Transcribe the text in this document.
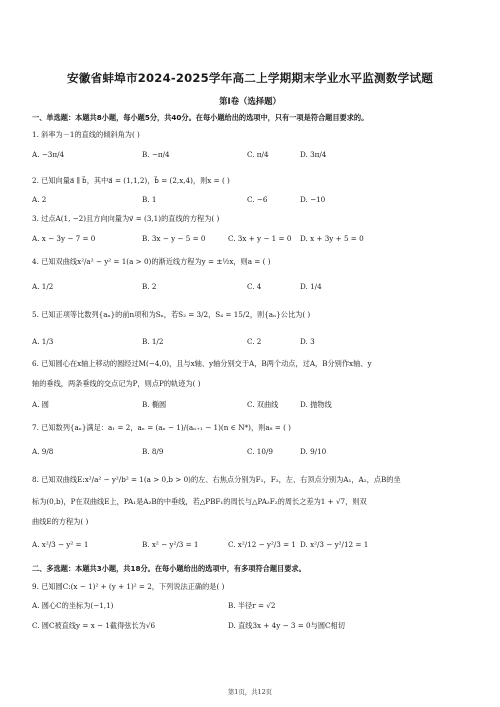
安徽省蚌埠市2024-2025学年高二上学期期末学业水平监测数学试题
第I卷（选择题）
一、单选题：本题共8小题，每小题5分，共40分。在每小题给出的选项中，只有一项是符合题目要求的。
1. 斜率为－1的直线的倾斜角为( )
A. −3π/4	B. −π/4	C. π/4	D. 3π/4
2. 已知向量a⃗ ∥ b⃗，其中a⃗ = (1,1,2)，b⃗ = (2,x,4)，则x = ( )
A. 2	B. 1	C. −6	D. −10
3. 过点A(1, −2)且方向向量为v⃗ = (3,1)的直线的方程为( )
A. x − 3y − 7 = 0	B. 3x − y − 5 = 0	C. 3x + y − 1 = 0 D. x + 3y + 5 = 0
4. 已知双曲线x²/a² − y² = 1(a > 0)的渐近线方程为y = ±½x，则a = ( )
A. 1/2	B. 2	C. 4	D. 1/4
5. 已知正项等比数列{aₙ}的前n项和为Sₙ，若S₂ = 3/2，S₄ = 15/2，则{aₙ}公比为( )
A. 1/3	B. 1/2	C. 2	D. 3
6. 已知圆心在x轴上移动的圆经过M(−4,0)，且与x轴、y轴分别交于A，B两个动点，过A，B分别作x轴、y
轴的垂线，两条垂线的交点记为P，则点P的轨迹为( )
A. 圆	B. 椭圆	C. 双曲线	D. 抛物线
7. 已知数列{aₙ}满足：a₁ = 2，aₙ = (aₙ − 1)/(aₙ₊₁ − 1)(n ∈ N*)，则a₈ = ( )
A. 9/8	B. 8/9	C. 10/9	D. 9/10
8. 已知双曲线E:x²/a² − y²/b² = 1(a > 0,b > 0)的左、右焦点分别为F₁，F₂，左、右顶点分别为A₁，A₂，点B的坐
标为(0,b)，P在双曲线E上，PA₁是A₂B的中垂线，若△PBF₁的周长与△PA₂F₂的周长之差为1 + √7，则双
曲线E的方程为( )
A. x²/3 − y² = 1	B. x² − y²/3 = 1	C. x²/12 − y²/3 = 1 D. x²/3 − y²/12 = 1
二、多选题：本题共3小题，共18分。在每小题给出的选项中，有多项符合题目要求。
9. 已知圆C:(x − 1)² + (y + 1)² = 2，下列说法正确的是( )
A. 圆心C的坐标为(−1,1)	B. 半径r = √2
C. 圆C被直线y = x − 1截得弦长为√6	D. 直线3x + 4y − 3 = 0与圆C相切
第1页，共12页
